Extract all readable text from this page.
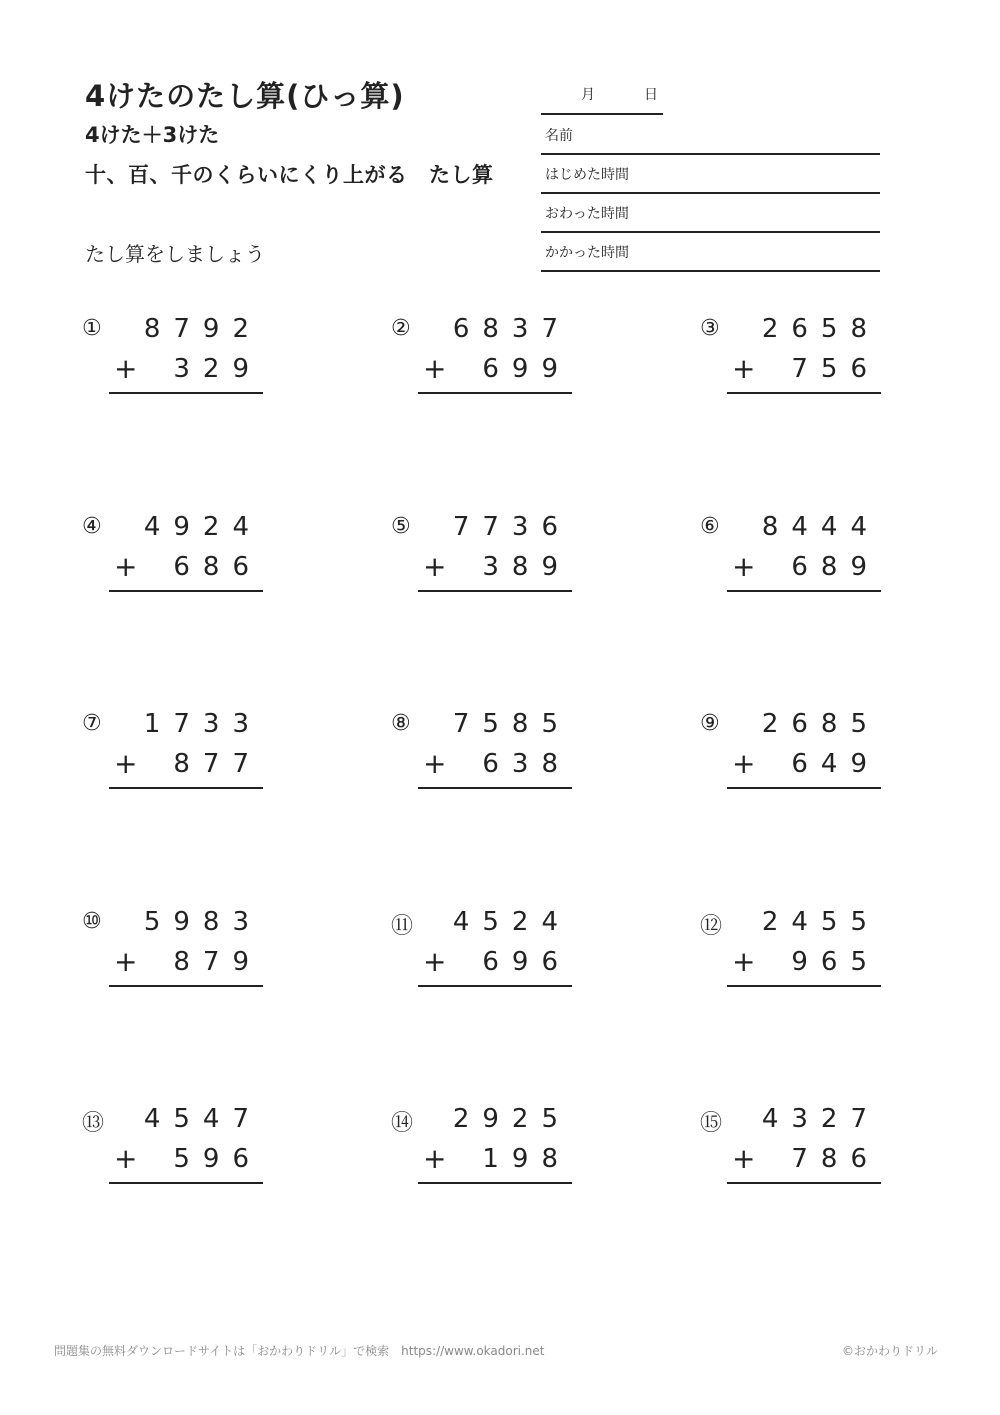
4けたのたし算(ひっ算)
4けた＋3けた
十、百、千のくらいにくり上がる　たし算
たし算をしましょう
月	日
名前
はじめた時間
おわった時間
かかった時間
① 8792
+ 329
② 6837
+ 699
③ 2658
+ 756
④ 4924
+ 686
⑤ 7736
+ 389
⑥ 8444
+ 689
⑦ 1733
+ 877
⑧ 7585
+ 638
⑨ 2685
+ 649
⑩ 5983
+ 879
⑪ 4524
+ 696
⑫ 2455
+ 965
⑬ 4547
+ 596
⑭ 2925
+ 198
⑮ 4327
+ 786
問題集の無料ダウンロードサイトは「おかわりドリル」で検索　https://www.okadori.net	©おかわりドリル
